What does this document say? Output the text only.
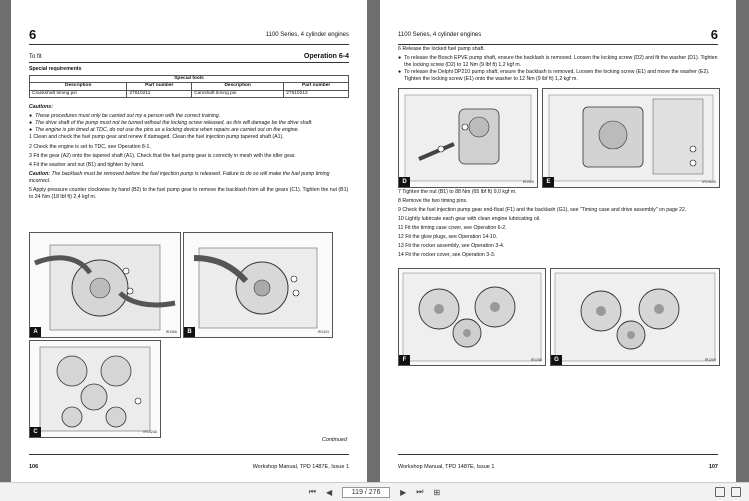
6	1100 Series, 4 cylinder engines
To fit	Operation 6-4

Special requirements

Special tools			
Description	Part number	Description	Part number
Crankshaft timing pin	27610211	Camshaft timing pin	27610212

Cautions:

● These procedures must only be carried out my a person with the correct training.
● The drive shaft of the pump must not be turned without the locking screw released, as this will damage be the drive shaft.
● The engine is pin timed at TDC, do not use the pins as a locking device when repairs are carried out on the engine.

1 Clean and check the fuel pump gear and renew if damaged. Clean the fuel injection pump tapered shaft (A1).

2 Check the engine is set to TDC, see Operation 8-1.

3 Fit the gear (A2) onto the tapered shaft (A1). Check that the fuel pump gear is correctly in mesh with the idler gear.

4 Fit the washer and nut (B1) and tighten by hand.

Caution: The backlash must be removed before the fuel injection pump is released. Failure to do so will make the fuel pump timing incorrect.

5 Apply pressure counter clockwise by hand (B2) to the fuel pump gear to remove the backlash from all the gears (C1). Tighten the nut (B1) to 24 Nm (18 lbf ft) 2,4 kgf m.

A	IR1966	B	IR1424
C	IR1424A
Continued
106	Workshop Manual, TPD 1487E, Issue 1
6
1100 Series, 4 cylinder engines

6 Release the locked fuel pump shaft.

● To release the Bosch EPVE pump shaft, ensure the backlash is removed. Loosen the locking screw (D2) and fit the washer (D1). Tighten the locking screw (D2) to 12 Nm (9 lbf ft) 1,2 kgf m.
● To release the Delphi DP210 pump shaft, ensure the backlash is removed. Loosen the locking screw (E1) and move the washer (E2). Tighten the locking screw (E1) onto the washer to 12 Nm (9 lbf ft) 1,2 kgf m.
D	IR1969	E	IR1954S

7 Tighten the nut (B1) to 88 Nm (65 lbf ft) 9,0 kgf m.

8 Remove the two timing pins.

9 Check the fuel injection pump gear end-float (F1) and the backlash (G1), see "Timing case and drive assembly" on page 22.

10 Lightly lubricate each gear with clean engine lubricating oil.

11 Fit the timing case cover, see Operation 6-2.

12 Fit the glow plugs, see Operation 14-10.

13 Fit the rocker assembly, see Operation 3-4.

14 Fit the rocker cover, see Operation 3-3.

F	IR1268	G	IR1269
Workshop Manual, TPD 1487E, Issue 1	107
⏮ ◀	119 / 276	▶ ⏭ ⊞
